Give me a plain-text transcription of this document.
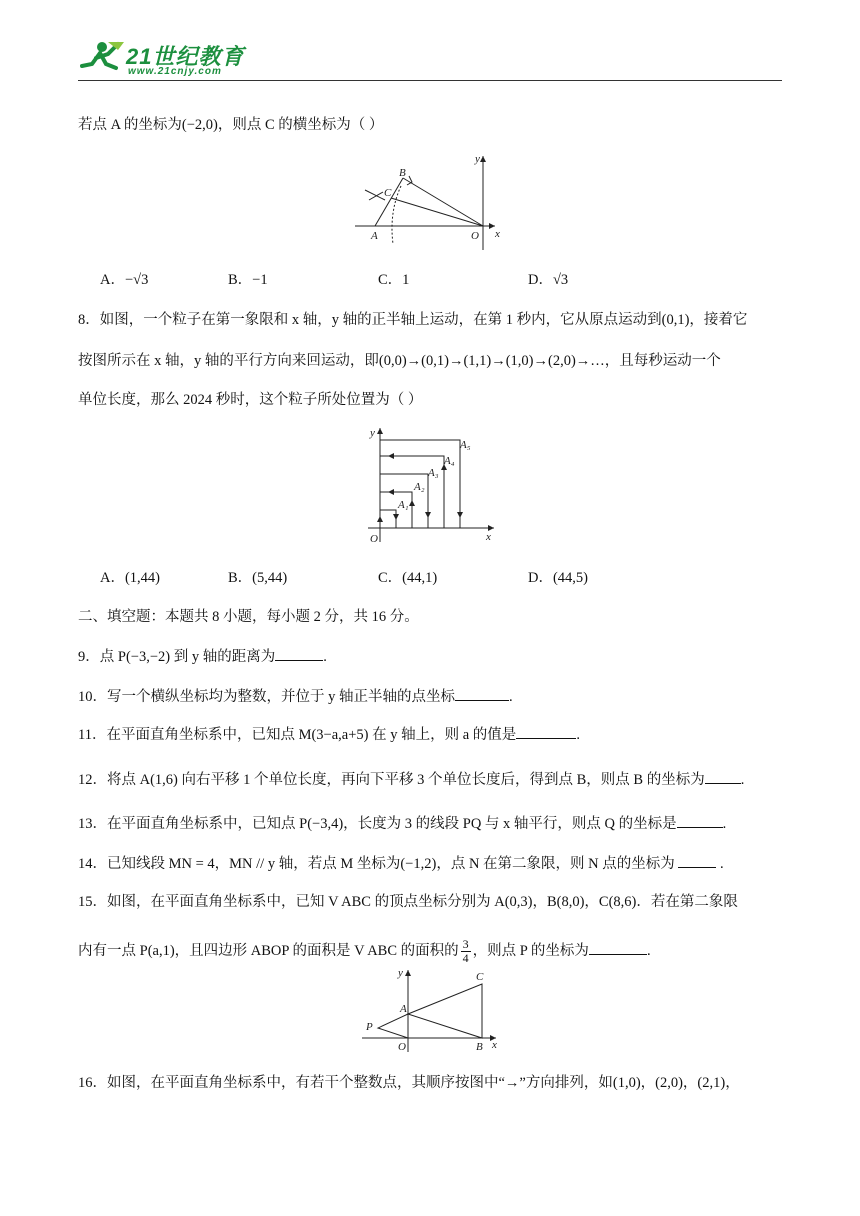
21世纪教育
www.21cnjy.com
若点 A 的坐标为(−2,0)，则点 C 的横坐标为（ ）
B
C
A	O x
y
A．−√3	B．−1	C．1	D．√3
8．如图，一个粒子在第一象限和 x 轴，y 轴的正半轴上运动，在第 1 秒内，它从原点运动到(0,1)，接着它
按图所示在 x 轴，y 轴的平行方向来回运动，即(0,0)→(0,1)→(1,1)→(1,0)→(2,0)→…，且每秒运动一个
单位长度，那么 2024 秒时，这个粒子所处位置为（ ）
A₁
A₂
A₃
A₄
A₅
O	x
y
A．(1,44)	B．(5,44)	C．(44,1)	D．(44,5)
二、填空题：本题共 8 小题，每小题 2 分，共 16 分。
9．点 P(−3,−2) 到 y 轴的距离为	.
10．写一个横纵坐标均为整数，并位于 y 轴正半轴的点坐标	.
11．在平面直角坐标系中，已知点 M(3−a,a+5) 在 y 轴上，则 a 的值是	.
12．将点 A(1,6) 向右平移 1 个单位长度，再向下平移 3 个单位长度后，得到点 B，则点 B 的坐标为 .
13．在平面直角坐标系中，已知点 P(−3,4)，长度为 3 的线段 PQ 与 x 轴平行，则点 Q 的坐标是	.
14．已知线段 MN = 4，MN // y 轴，若点 M 坐标为(−1,2)，点 N 在第二象限，则 N 点的坐标为	.
15．如图，在平面直角坐标系中，已知 V ABC 的顶点坐标分别为 A(0,3)，B(8,0)，C(8,6)．若在第二象限
内有一点 P(a,1)，且四边形 ABOP 的面积是 V ABC 的面积的 $\frac{3}{4}$ ，则点 P 的坐标为	.
y
A
C
P
O	B x
16．如图，在平面直角坐标系中，有若干个整数点，其顺序按图中“→”方向排列，如(1,0)，(2,0)，(2,1)，
